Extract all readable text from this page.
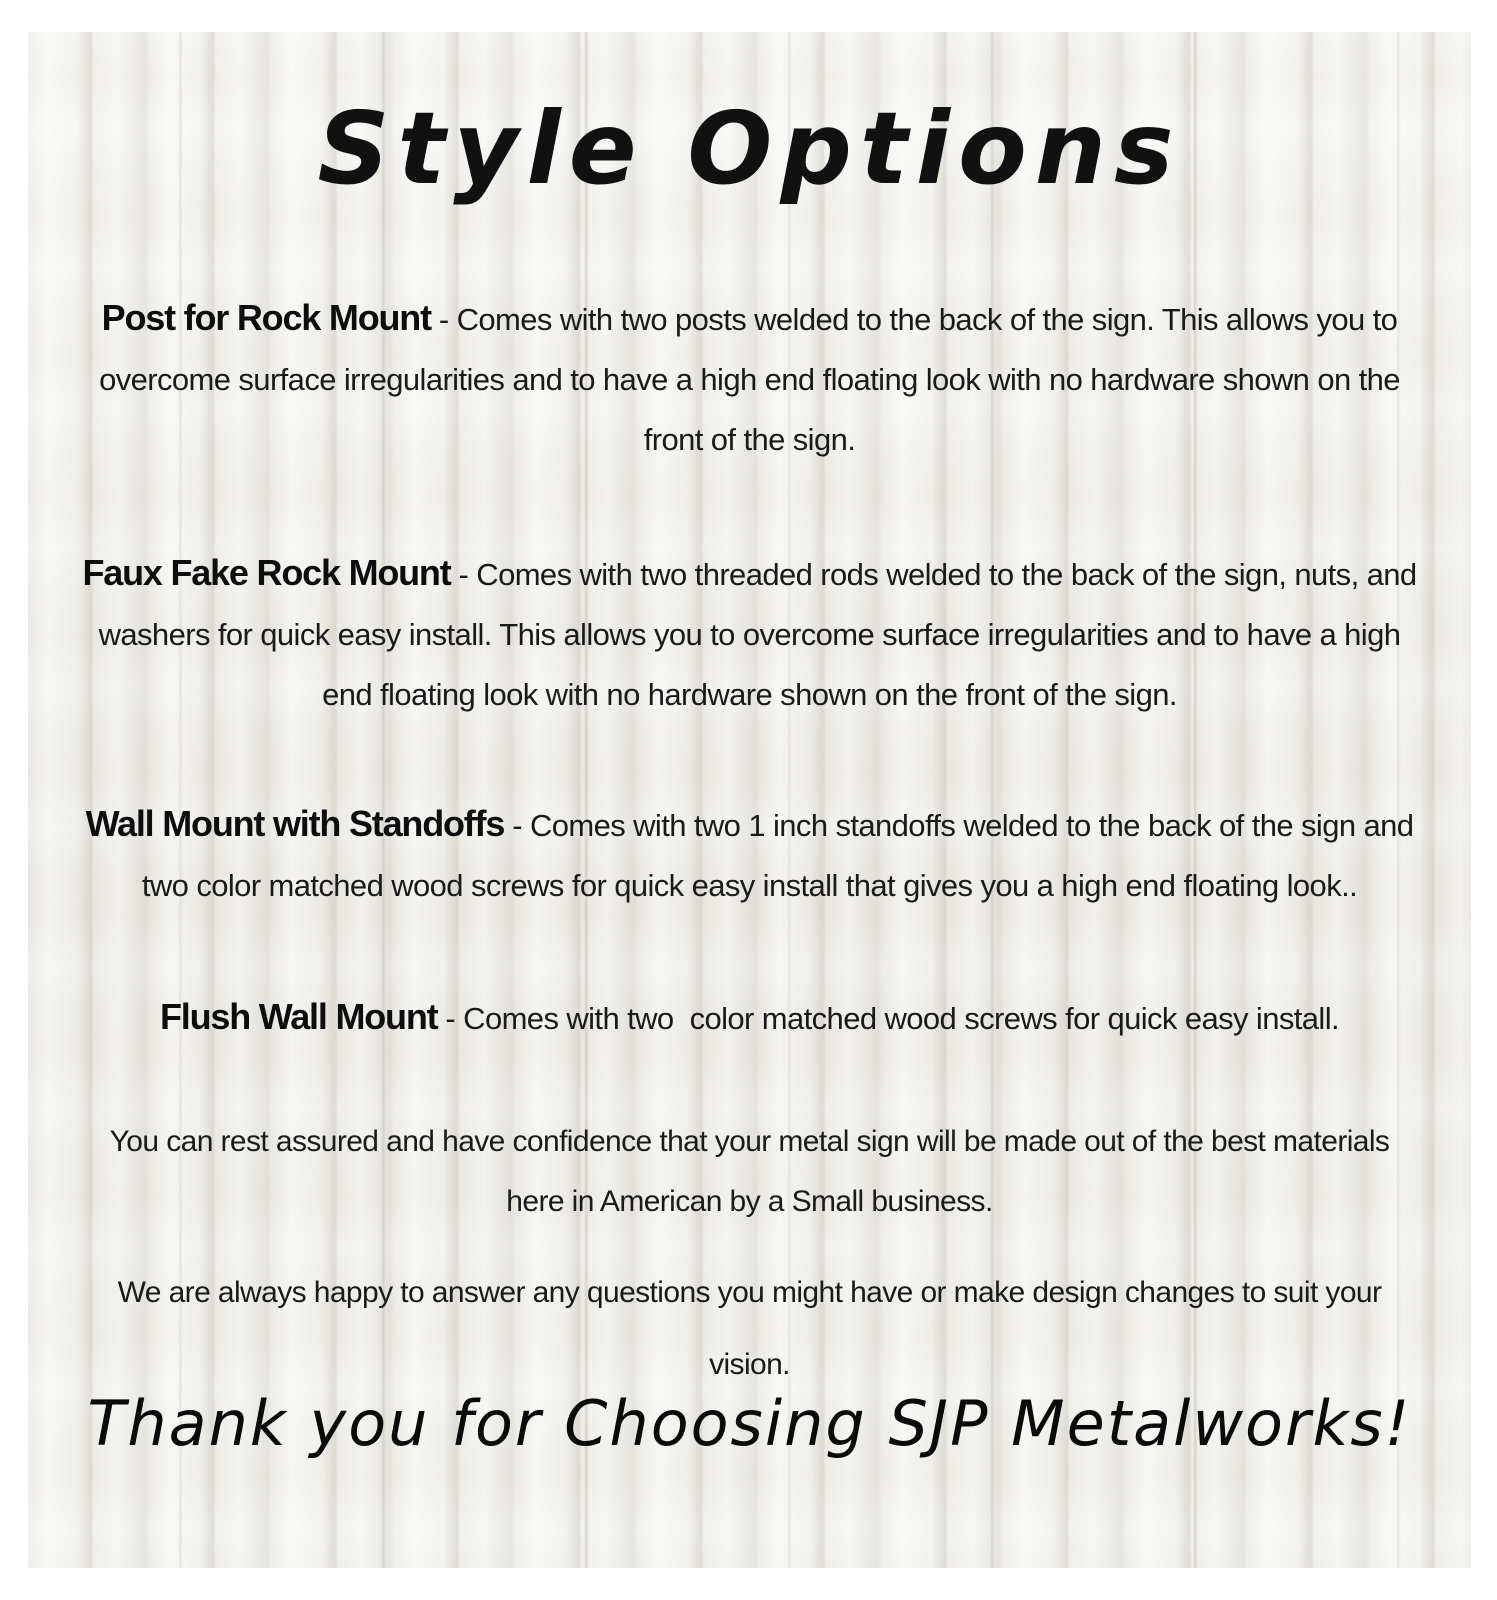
Style Options

Post for Rock Mount - Comes with two posts welded to the back of the sign. This allows you to overcome surface irregularities and to have a high end floating look with no hardware shown on the front of the sign.

Faux Fake Rock Mount - Comes with two threaded rods welded to the back of the sign, nuts, and washers for quick easy install. This allows you to overcome surface irregularities and to have a high end floating look with no hardware shown on the front of the sign.

Wall Mount with Standoffs - Comes with two 1 inch standoffs welded to the back of the sign and two color matched wood screws for quick easy install that gives you a high end floating look..

Flush Wall Mount - Comes with two  color matched wood screws for quick easy install.

You can rest assured and have confidence that your metal sign will be made out of the best materials here in American by a Small business.

We are always happy to answer any questions you might have or make design changes to suit your vision.

Thank you for Choosing SJP Metalworks!
